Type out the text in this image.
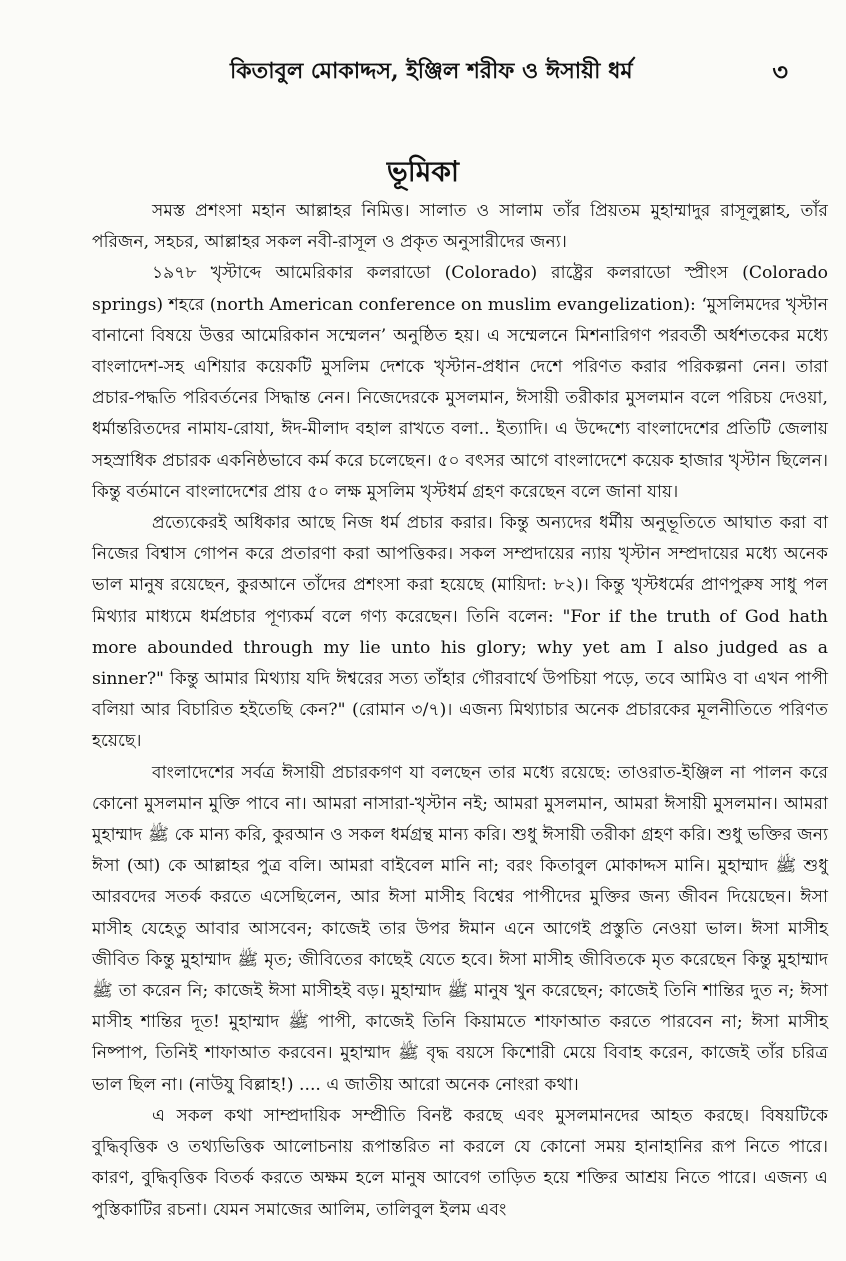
কিতাবুল মোকাদ্দস, ইঞ্জিল শরীফ ও ঈসায়ী ধর্ম	৩
ভূমিকা

সমস্ত প্রশংসা মহান আল্লাহর নিমিত্ত। সালাত ও সালাম তাঁর প্রিয়তম মুহাম্মাদুর রাসূলুল্লাহ, তাঁর পরিজন, সহচর, আল্লাহর সকল নবী-রাসূল ও প্রকৃত অনুসারীদের জন্য।

১৯৭৮ খৃস্টাব্দে আমেরিকার কলরাডো (Colorado) রাষ্ট্রের কলরাডো স্প্রীংস (Colorado springs) শহরে (north American conference on muslim evangelization): ‘মুসলিমদের খৃস্টান বানানো বিষয়ে উত্তর আমেরিকান সম্মেলন’ অনুষ্ঠিত হয়। এ সম্মেলনে মিশনারিগণ পরবর্তী অর্ধশতকের মধ্যে বাংলাদেশ-সহ এশিয়ার কয়েকটি মুসলিম দেশকে খৃস্টান-প্রধান দেশে পরিণত করার পরিকল্পনা নেন। তারা প্রচার-পদ্ধতি পরিবর্তনের সিদ্ধান্ত নেন। নিজেদেরকে মুসলমান, ঈসায়ী তরীকার মুসলমান বলে পরিচয় দেওয়া, ধর্মান্তরিতদের নামায-রোযা, ঈদ-মীলাদ বহাল রাখতে বলা.. ইত্যাদি। এ উদ্দেশ্যে বাংলাদেশের প্রতিটি জেলায় সহস্রাধিক প্রচারক একনিষ্ঠভাবে কর্ম করে চলেছেন। ৫০ বৎসর আগে বাংলাদেশে কয়েক হাজার খৃস্টান ছিলেন। কিন্তু বর্তমানে বাংলাদেশের প্রায় ৫০ লক্ষ মুসলিম খৃস্টধর্ম গ্রহণ করেছেন বলে জানা যায়।

প্রত্যেকেরই অধিকার আছে নিজ ধর্ম প্রচার করার। কিন্তু অন্যদের ধর্মীয় অনুভূতিতে আঘাত করা বা নিজের বিশ্বাস গোপন করে প্রতারণা করা আপত্তিকর। সকল সম্প্রদায়ের ন্যায় খৃস্টান সম্প্রদায়ের মধ্যে অনেক ভাল মানুষ রয়েছেন, কুরআনে তাঁদের প্রশংসা করা হয়েছে (মায়িদা: ৮২)। কিন্তু খৃস্টধর্মের প্রাণপুরুষ সাধু পল মিথ্যার মাধ্যমে ধর্মপ্রচার পূণ্যকর্ম বলে গণ্য করেছেন। তিনি বলেন: "For if the truth of God hath more abounded through my lie unto his glory; why yet am I also judged as a sinner?" কিন্তু আমার মিথ্যায় যদি ঈশ্বরের সত্য তাঁহার গৌরবার্থে উপচিয়া পড়ে, তবে আমিও বা এখন পাপী বলিয়া আর বিচারিত হইতেছি কেন?" (রোমান ৩/৭)। এজন্য মিথ্যাচার অনেক প্রচারকের মূলনীতিতে পরিণত হয়েছে।

বাংলাদেশের সর্বত্র ঈসায়ী প্রচারকগণ যা বলছেন তার মধ্যে রয়েছে: তাওরাত-ইঞ্জিল না পালন করে কোনো মুসলমান মুক্তি পাবে না। আমরা নাসারা-খৃস্টান নই; আমরা মুসলমান, আমরা ঈসায়ী মুসলমান। আমরা মুহাম্মাদ ﷺ কে মান্য করি, কুরআন ও সকল ধর্মগ্রন্থ মান্য করি। শুধু ঈসায়ী তরীকা গ্রহণ করি। শুধু ভক্তির জন্য ঈসা (আ) কে আল্লাহর পুত্র বলি। আমরা বাইবেল মানি না; বরং কিতাবুল মোকাদ্দস মানি। মুহাম্মাদ ﷺ শুধু আরবদের সতর্ক করতে এসেছিলেন, আর ঈসা মাসীহ বিশ্বের পাপীদের মুক্তির জন্য জীবন দিয়েছেন। ঈসা মাসীহ যেহেতু আবার আসবেন; কাজেই তার উপর ঈমান এনে আগেই প্রস্তুতি নেওয়া ভাল। ঈসা মাসীহ জীবিত কিন্তু মুহাম্মাদ ﷺ মৃত; জীবিতের কাছেই যেতে হবে। ঈসা মাসীহ জীবিতকে মৃত করেছেন কিন্তু মুহাম্মাদ ﷺ তা করেন নি; কাজেই ঈসা মাসীহই বড়। মুহাম্মাদ ﷺ মানুষ খুন করেছেন; কাজেই তিনি শান্তির দুত ন; ঈসা মাসীহ শান্তির দূত! মুহাম্মাদ ﷺ পাপী, কাজেই তিনি কিয়ামতে শাফাআত করতে পারবেন না; ঈসা মাসীহ নিষ্পাপ, তিনিই শাফাআত করবেন। মুহাম্মাদ ﷺ বৃদ্ধ বয়সে কিশোরী মেয়ে বিবাহ করেন, কাজেই তাঁর চরিত্র ভাল ছিল না। (নাউযু বিল্লাহ!) .... এ জাতীয় আরো অনেক নোংরা কথা।

এ সকল কথা সাম্প্রদায়িক সম্প্রীতি বিনষ্ট করছে এবং মুসলমানদের আহত করছে। বিষয়টিকে বুদ্ধিবৃত্তিক ও তথ্যভিত্তিক আলোচনায় রূপান্তরিত না করলে যে কোনো সময় হানাহানির রূপ নিতে পারে। কারণ, বুদ্ধিবৃত্তিক বিতর্ক করতে অক্ষম হলে মানুষ আবেগ তাড়িত হয়ে শক্তির আশ্রয় নিতে পারে। এজন্য এ পুস্তিকাটির রচনা। যেমন সমাজের আলিম, তালিবুল ইলম এবং
